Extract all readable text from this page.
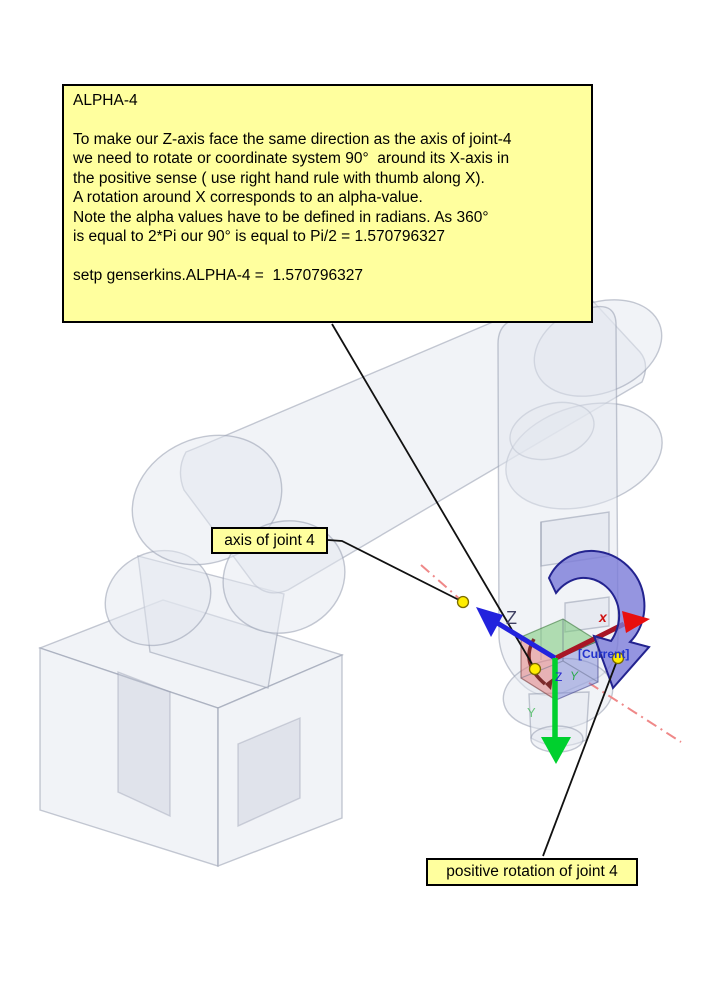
Z	x
Y
Z Y
[Current]
ALPHA-4
To make our Z-axis face the same direction as the axis of joint-4
we need to rotate or coordinate system 90°  around its X-axis in
the positive sense ( use right hand rule with thumb along X).
A rotation around X corresponds to an alpha-value.
Note the alpha values have to be defined in radians. As 360°
is equal to 2*Pi our 90° is equal to Pi/2 = 1.570796327
setp genserkins.ALPHA-4 =  1.570796327
axis of joint 4
positive rotation of joint 4
